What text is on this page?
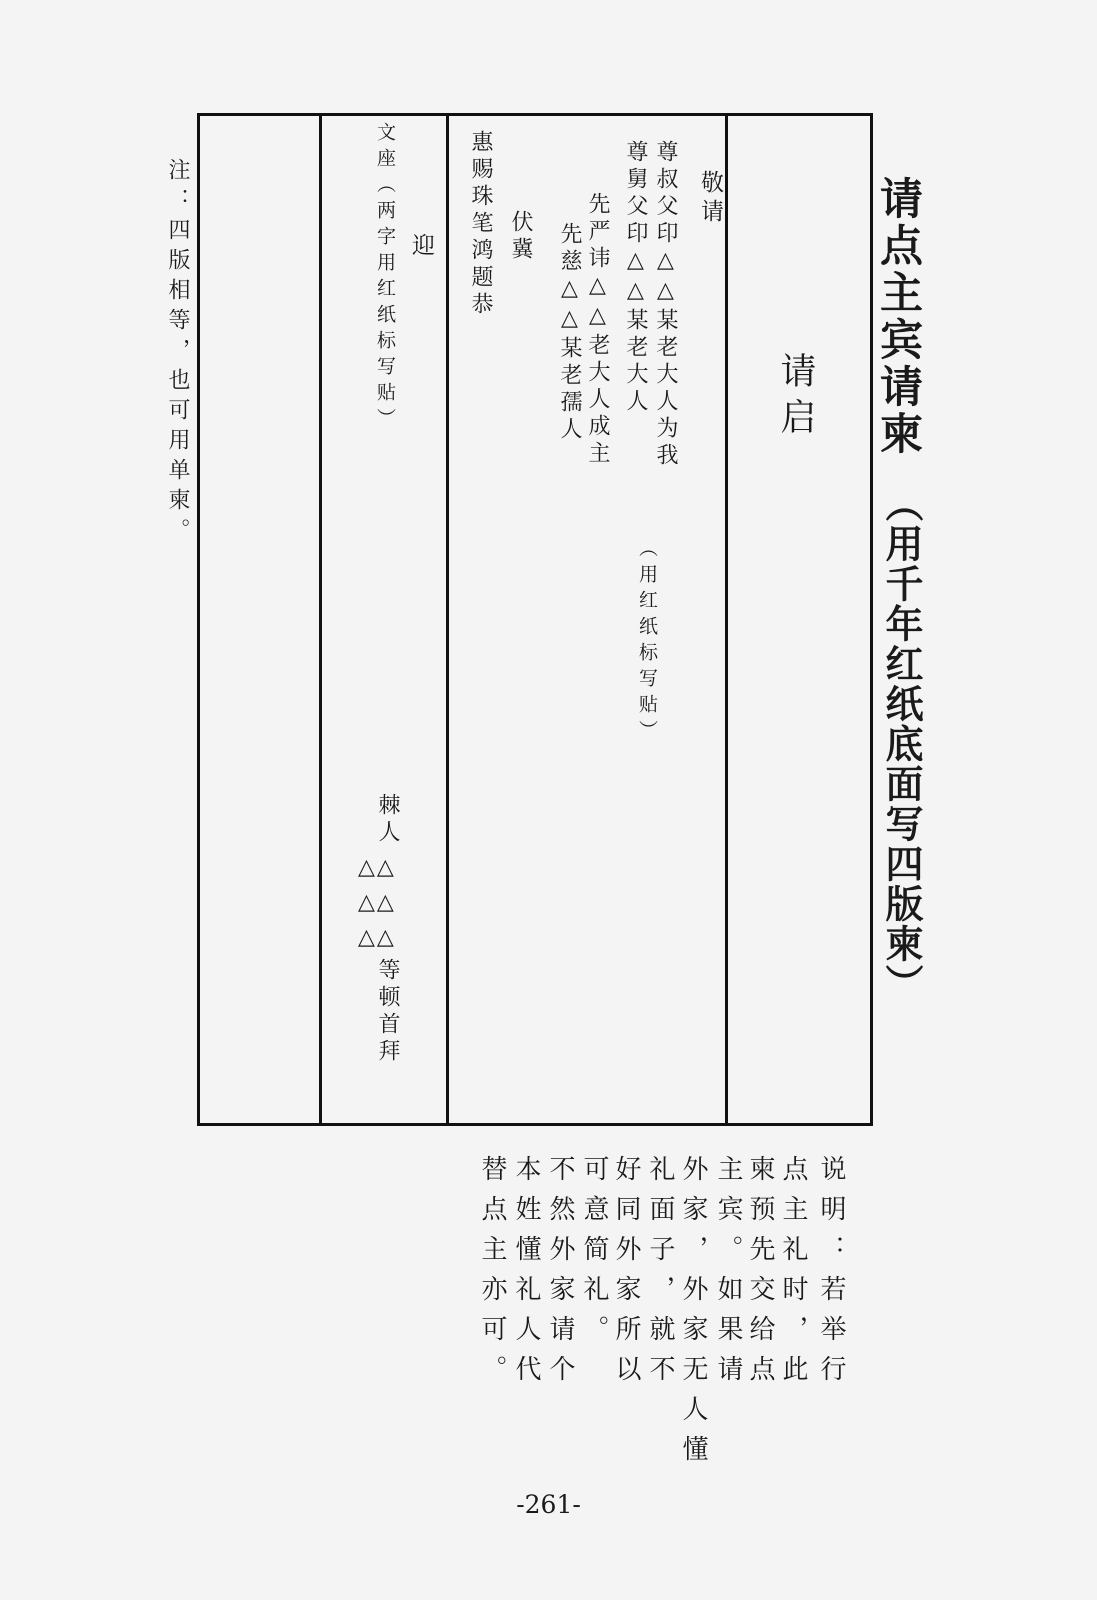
请点主宾请柬
（用千年红纸底面写四版柬）
请启
敬请
尊叔父印△△某老大人为我
尊舅父印△△某老大人
（用红纸标写贴）
先严讳△△老大人成主
先慈△△某老孺人
伏冀
惠赐珠笔鸿题恭
迎
文座（两字用红纸标写贴）
棘人
△△
△△
△△
等顿首拜
注：四版相等，也可用单柬。
说明：若举行
点主礼时，此
柬预先交给点
主宾。如果请
外家，外家无人懂
礼面子，就不
好同外家所以
可意简礼。
不然外家请个
本姓懂礼人代
替点主亦可。
-261-
